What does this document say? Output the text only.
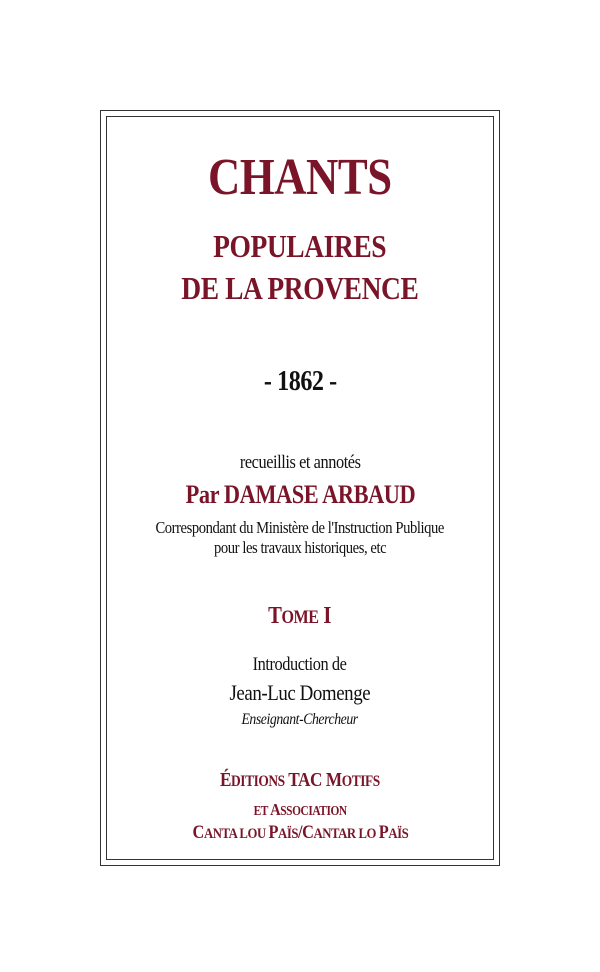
CHANTS
POPULAIRES
DE LA PROVENCE
- 1862 -
recueillis et annotés
Par DAMASE ARBAUD
Correspondant du Ministère de l'Instruction Publique
pour les travaux historiques, etc
TOME I
Introduction de
Jean-Luc Domenge
Enseignant-Chercheur
ÉDITIONS TAC MOTIFS
ET ASSOCIATION
CANTA LOU PAÏS/CANTAR LO PAÏS
